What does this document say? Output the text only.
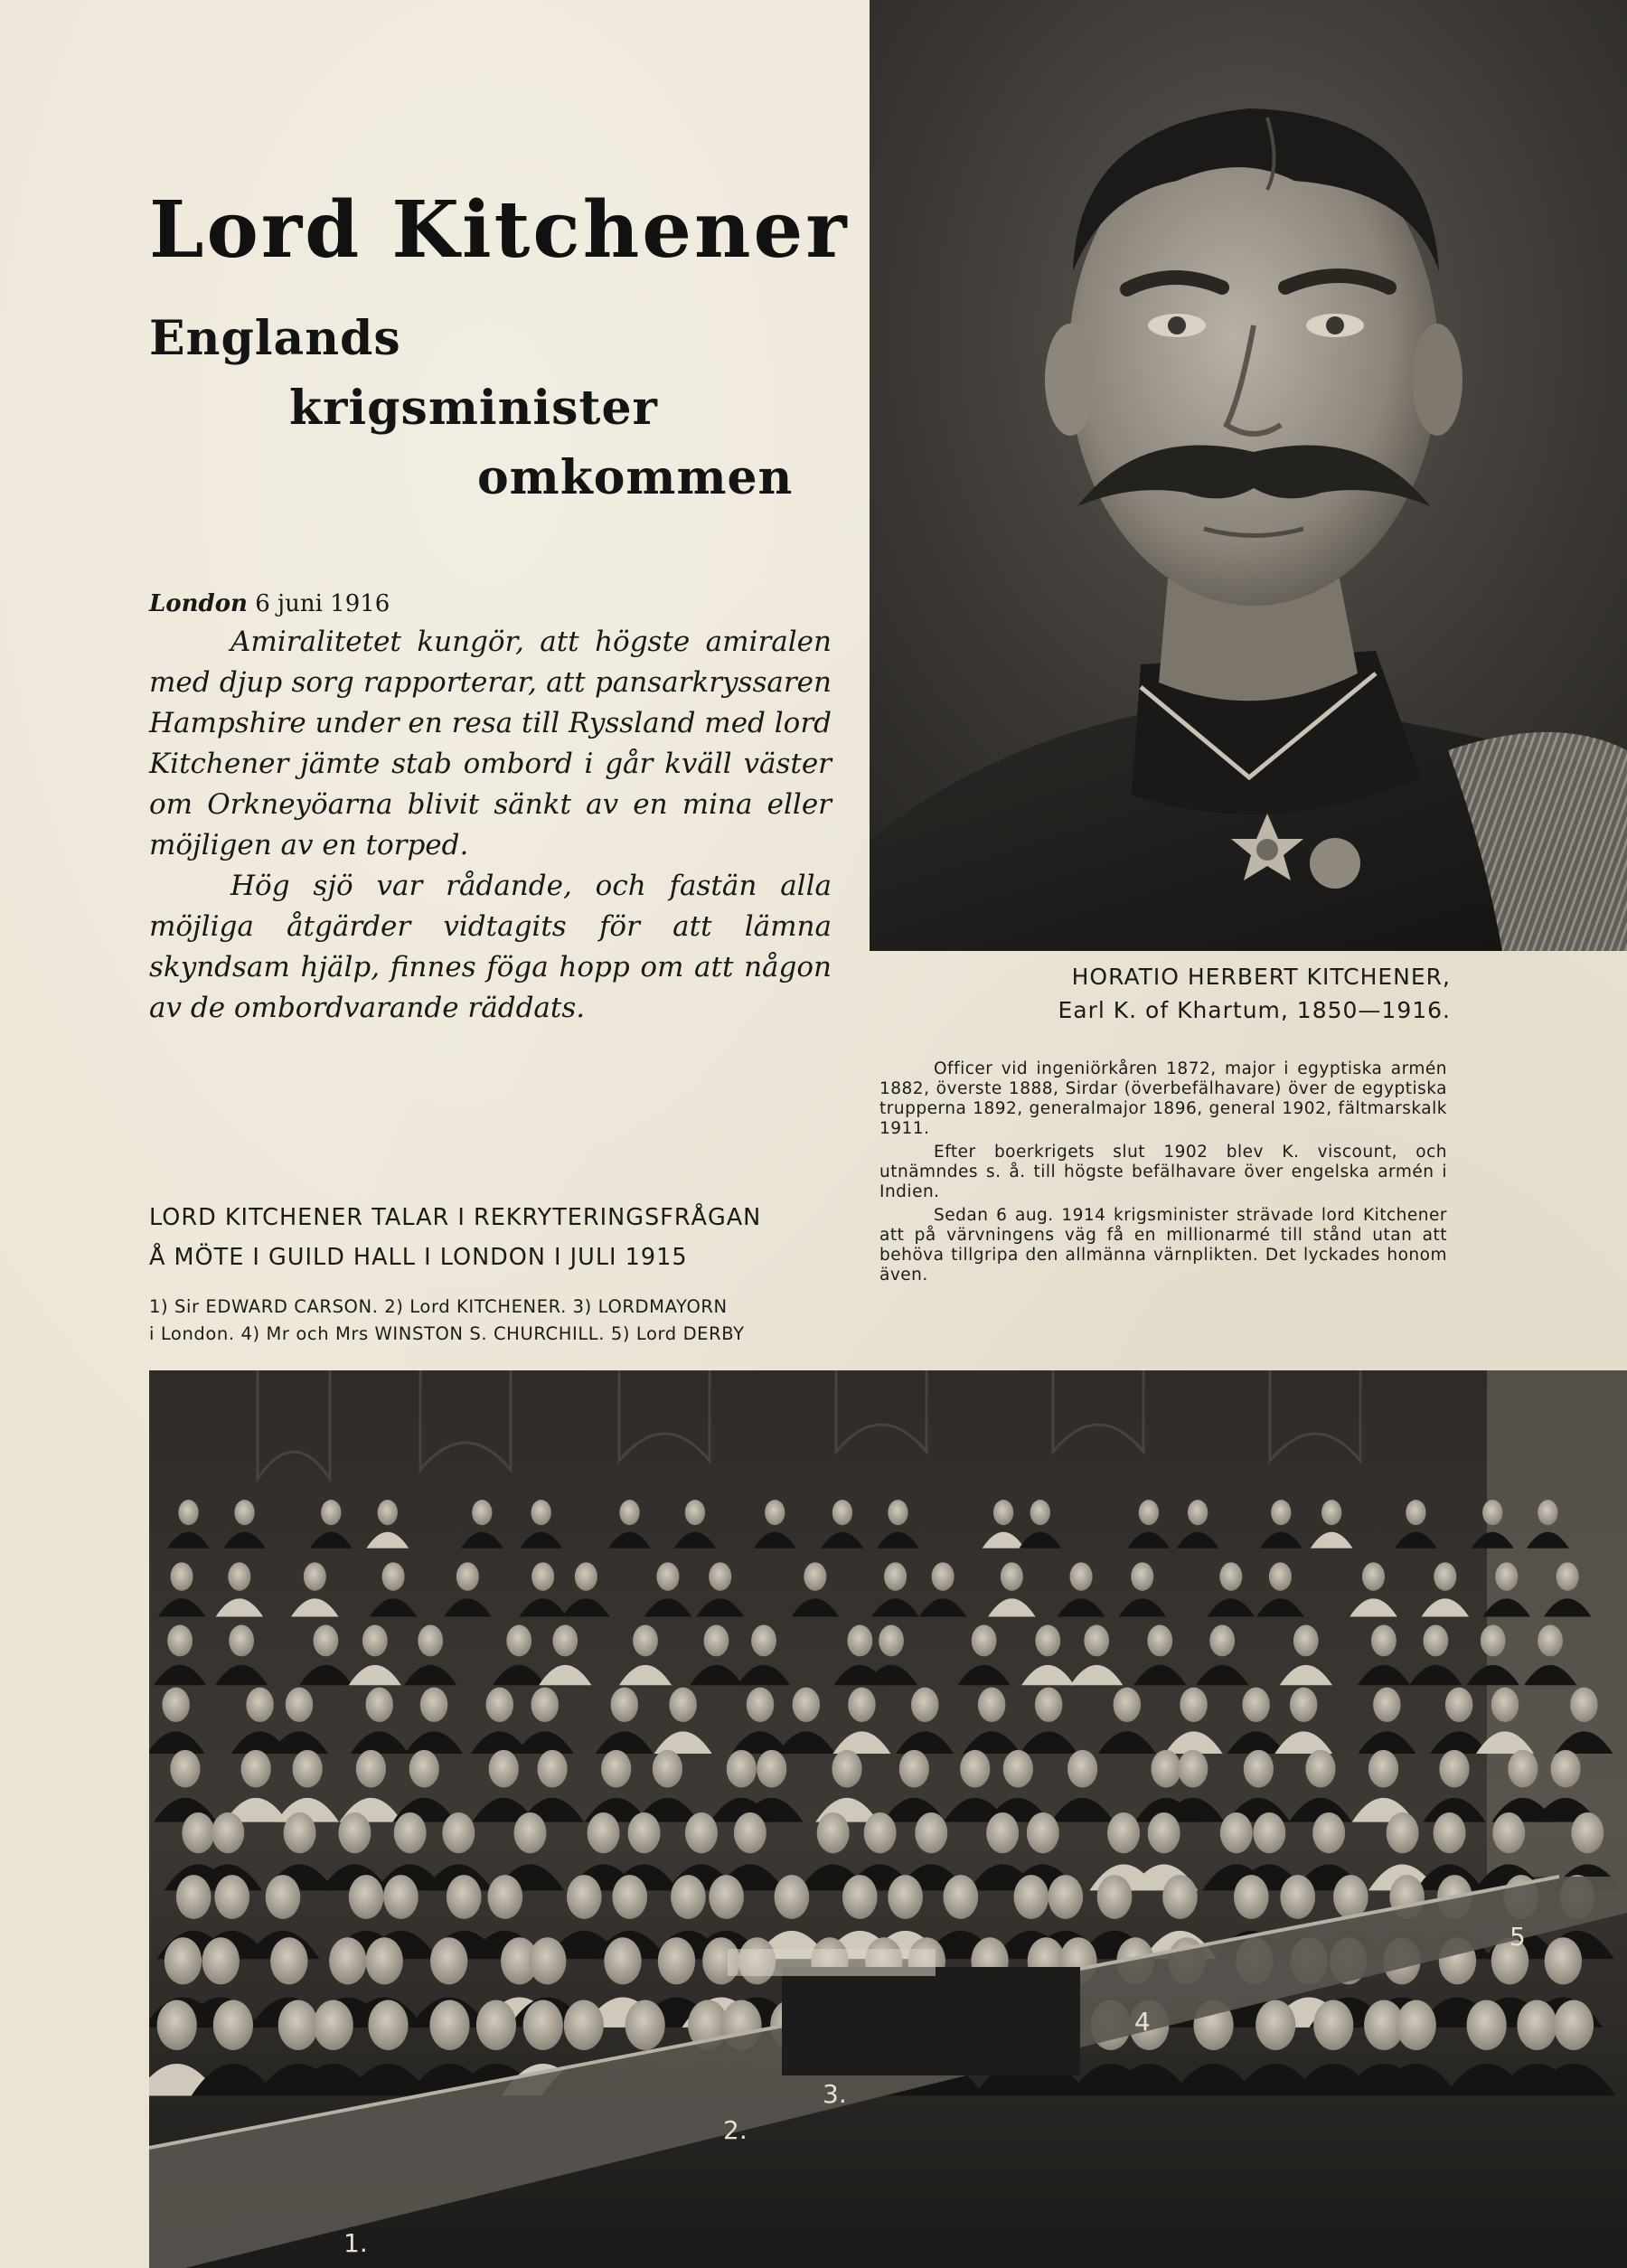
Lord Kitchener
Englands
krigsminister
omkommen

London 6 juni 1916

Amiralitetet kungör, att högste amiralen med djup sorg rapporterar, att pansarkryssaren Hampshire under en resa till Ryssland med lord Kitchener jämte stab ombord i går kväll väster om Orkneyöarna blivit sänkt av en mina eller möjligen av en torped.

Hög sjö var rådande, och fastän alla möjliga åtgärder vidtagits för att lämna skyndsam hjälp, finnes föga hopp om att någon av de ombordvarande räddats.

HORATIO HERBERT KITCHENER,
Earl K. of Khartum, 1850—1916.

Officer vid ingeniörkåren 1872, major i egyptiska armén 1882, överste 1888, Sirdar (överbefälhavare) över de egyptiska trupperna 1892, generalmajor 1896, general 1902, fältmarskalk 1911.

Efter boerkrigets slut 1902 blev K. viscount, och utnämndes s. å. till högste befälhavare över engelska armén i Indien.

Sedan 6 aug. 1914 krigsminister strävade lord Kitchener att på värvningens väg få en millionarmé till stånd utan att behöva tillgripa den allmänna värnplikten. Det lyckades honom även.

LORD KITCHENER TALAR I REKRYTERINGSFRÅGAN
Å MÖTE I GUILD HALL I LONDON I JULI 1915
1) Sir EDWARD CARSON. 2) Lord KITCHENER. 3) LORDMAYORN
i London. 4) Mr och Mrs WINSTON S. CHURCHILL. 5) Lord DERBY
1.
2.
3.
4
5
